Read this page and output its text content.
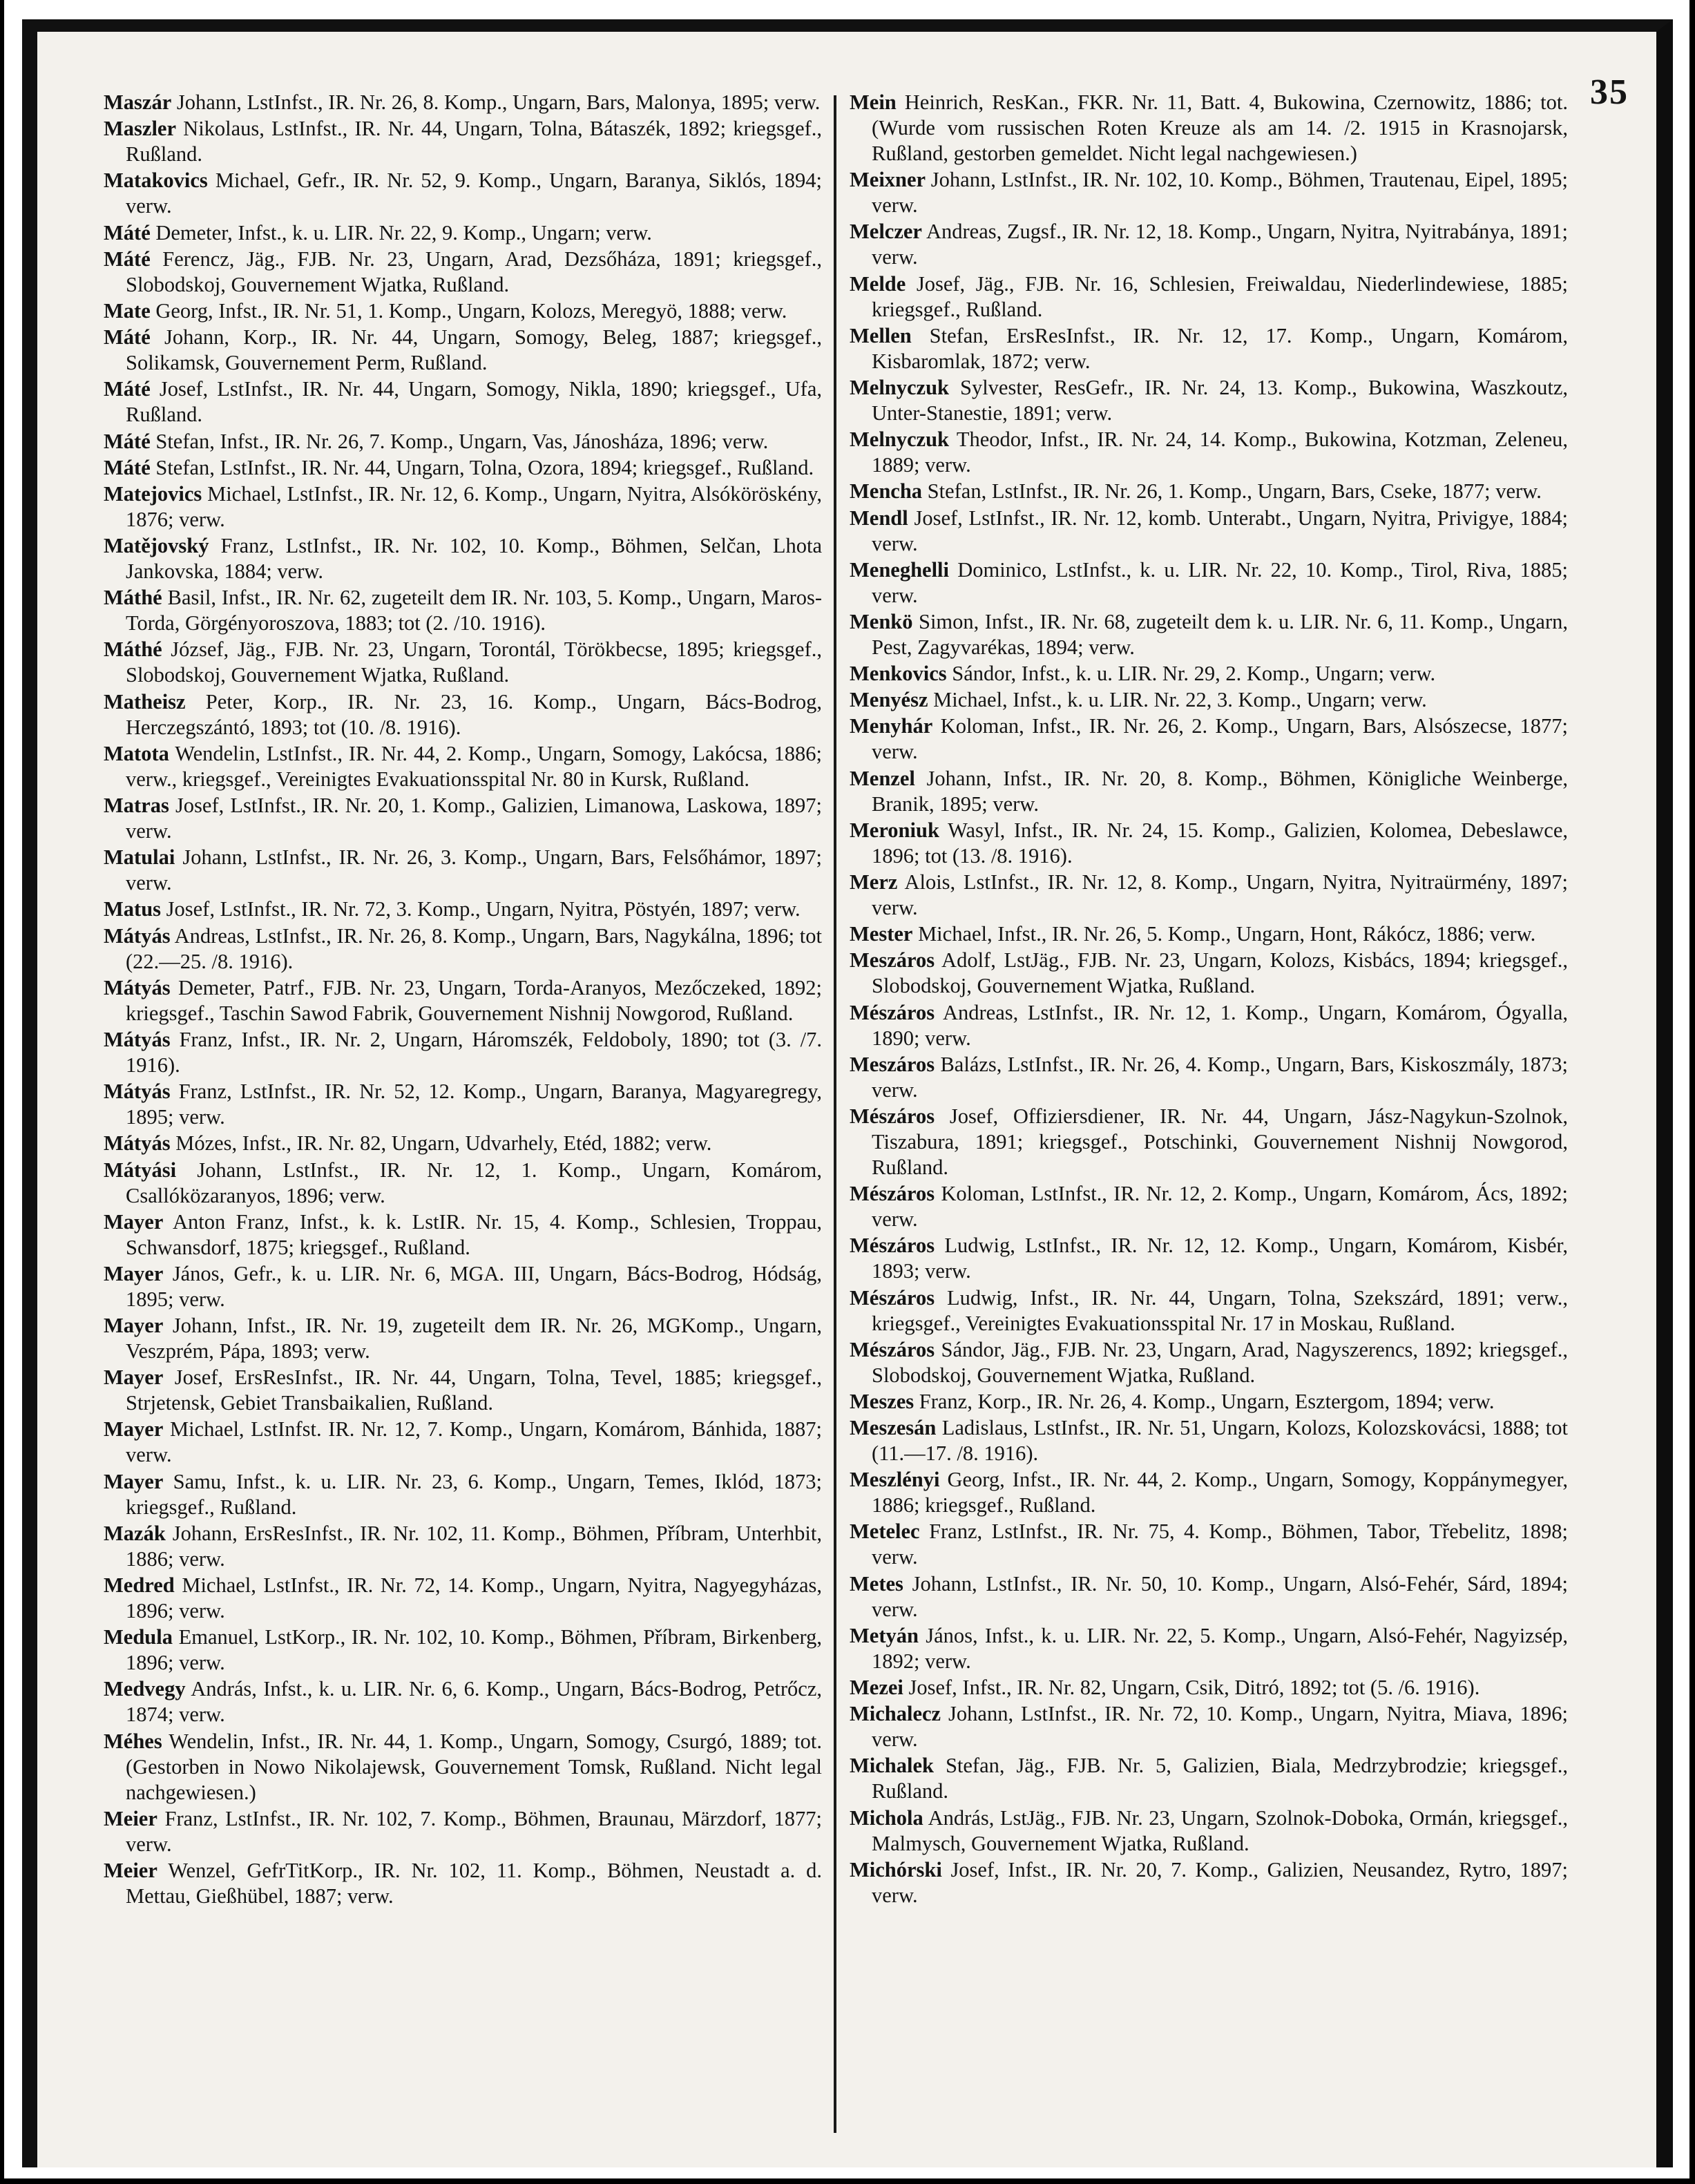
35

Maszár Johann, LstInfst., IR. Nr. 26, 8. Komp., Ungarn, Bars, Malonya, 1895; verw.

Maszler Nikolaus, LstInfst., IR. Nr. 44, Ungarn, Tolna, Bátaszék, 1892; kriegsgef., Rußland.

Matakovics Michael, Gefr., IR. Nr. 52, 9. Komp., Ungarn, Baranya, Siklós, 1894; verw.

Máté Demeter, Infst., k. u. LIR. Nr. 22, 9. Komp., Ungarn; verw.

Máté Ferencz, Jäg., FJB. Nr. 23, Ungarn, Arad, Dezsőháza, 1891; kriegsgef., Slobodskoj, Gouvernement Wjatka, Rußland.

Mate Georg, Infst., IR. Nr. 51, 1. Komp., Ungarn, Kolozs, Meregyö, 1888; verw.

Máté Johann, Korp., IR. Nr. 44, Ungarn, Somogy, Beleg, 1887; kriegsgef., Solikamsk, Gouvernement Perm, Rußland.

Máté Josef, LstInfst., IR. Nr. 44, Ungarn, Somogy, Nikla, 1890; kriegsgef., Ufa, Rußland.

Máté Stefan, Infst., IR. Nr. 26, 7. Komp., Ungarn, Vas, Jánosháza, 1896; verw.

Máté Stefan, LstInfst., IR. Nr. 44, Ungarn, Tolna, Ozora, 1894; kriegsgef., Rußland.

Matejovics Michael, LstInfst., IR. Nr. 12, 6. Komp., Ungarn, Nyitra, Alsóköröskény, 1876; verw.

Matějovský Franz, LstInfst., IR. Nr. 102, 10. Komp., Böhmen, Selčan, Lhota Jankovska, 1884; verw.

Máthé Basil, Infst., IR. Nr. 62, zugeteilt dem IR. Nr. 103, 5. Komp., Ungarn, Maros-Torda, Görgényoroszova, 1883; tot (2. /10. 1916).

Máthé József, Jäg., FJB. Nr. 23, Ungarn, Torontál, Törökbecse, 1895; kriegsgef., Slobodskoj, Gouvernement Wjatka, Rußland.

Matheisz Peter, Korp., IR. Nr. 23, 16. Komp., Ungarn, Bács-Bodrog, Herczegszántó, 1893; tot (10. /8. 1916).

Matota Wendelin, LstInfst., IR. Nr. 44, 2. Komp., Ungarn, Somogy, Lakócsa, 1886; verw., kriegsgef., Vereinigtes Evakuationsspital Nr. 80 in Kursk, Rußland.

Matras Josef, LstInfst., IR. Nr. 20, 1. Komp., Galizien, Limanowa, Laskowa, 1897; verw.

Matulai Johann, LstInfst., IR. Nr. 26, 3. Komp., Ungarn, Bars, Felsőhámor, 1897; verw.

Matus Josef, LstInfst., IR. Nr. 72, 3. Komp., Ungarn, Nyitra, Pöstyén, 1897; verw.

Mátyás Andreas, LstInfst., IR. Nr. 26, 8. Komp., Ungarn, Bars, Nagykálna, 1896; tot (22.—25. /8. 1916).

Mátyás Demeter, Patrf., FJB. Nr. 23, Ungarn, Torda-Aranyos, Mezőczeked, 1892; kriegsgef., Taschin Sawod Fabrik, Gouvernement Nishnij Nowgorod, Rußland.

Mátyás Franz, Infst., IR. Nr. 2, Ungarn, Háromszék, Feldoboly, 1890; tot (3. /7. 1916).

Mátyás Franz, LstInfst., IR. Nr. 52, 12. Komp., Ungarn, Baranya, Magyaregregy, 1895; verw.

Mátyás Mózes, Infst., IR. Nr. 82, Ungarn, Udvarhely, Etéd, 1882; verw.

Mátyási Johann, LstInfst., IR. Nr. 12, 1. Komp., Ungarn, Komárom, Csallóközaranyos, 1896; verw.

Mayer Anton Franz, Infst., k. k. LstIR. Nr. 15, 4. Komp., Schlesien, Troppau, Schwansdorf, 1875; kriegsgef., Rußland.

Mayer János, Gefr., k. u. LIR. Nr. 6, MGA. III, Ungarn, Bács-Bodrog, Hódság, 1895; verw.

Mayer Johann, Infst., IR. Nr. 19, zugeteilt dem IR. Nr. 26, MGKomp., Ungarn, Veszprém, Pápa, 1893; verw.

Mayer Josef, ErsResInfst., IR. Nr. 44, Ungarn, Tolna, Tevel, 1885; kriegsgef., Strjetensk, Gebiet Transbaikalien, Rußland.

Mayer Michael, LstInfst. IR. Nr. 12, 7. Komp., Ungarn, Komárom, Bánhida, 1887; verw.

Mayer Samu, Infst., k. u. LIR. Nr. 23, 6. Komp., Ungarn, Temes, Iklód, 1873; kriegsgef., Rußland.

Mazák Johann, ErsResInfst., IR. Nr. 102, 11. Komp., Böhmen, Příbram, Unterhbit, 1886; verw.

Medred Michael, LstInfst., IR. Nr. 72, 14. Komp., Ungarn, Nyitra, Nagyegyházas, 1896; verw.

Medula Emanuel, LstKorp., IR. Nr. 102, 10. Komp., Böhmen, Příbram, Birkenberg, 1896; verw.

Medvegy András, Infst., k. u. LIR. Nr. 6, 6. Komp., Ungarn, Bács-Bodrog, Petrőcz, 1874; verw.

Méhes Wendelin, Infst., IR. Nr. 44, 1. Komp., Ungarn, Somogy, Csurgó, 1889; tot. (Gestorben in Nowo Nikolajewsk, Gouvernement Tomsk, Rußland. Nicht legal nachgewiesen.)

Meier Franz, LstInfst., IR. Nr. 102, 7. Komp., Böhmen, Braunau, Märzdorf, 1877; verw.

Meier Wenzel, GefrTitKorp., IR. Nr. 102, 11. Komp., Böhmen, Neustadt a. d. Mettau, Gießhübel, 1887; verw.

Mein Heinrich, ResKan., FKR. Nr. 11, Batt. 4, Bukowina, Czernowitz, 1886; tot. (Wurde vom russischen Roten Kreuze als am 14. /2. 1915 in Krasnojarsk, Rußland, gestorben gemeldet. Nicht legal nachgewiesen.)

Meixner Johann, LstInfst., IR. Nr. 102, 10. Komp., Böhmen, Trautenau, Eipel, 1895; verw.

Melczer Andreas, Zugsf., IR. Nr. 12, 18. Komp., Ungarn, Nyitra, Nyitrabánya, 1891; verw.

Melde Josef, Jäg., FJB. Nr. 16, Schlesien, Freiwaldau, Niederlindewiese, 1885; kriegsgef., Rußland.

Mellen Stefan, ErsResInfst., IR. Nr. 12, 17. Komp., Ungarn, Komárom, Kisbaromlak, 1872; verw.

Melnyczuk Sylvester, ResGefr., IR. Nr. 24, 13. Komp., Bukowina, Waszkoutz, Unter-Stanestie, 1891; verw.

Melnyczuk Theodor, Infst., IR. Nr. 24, 14. Komp., Bukowina, Kotzman, Zeleneu, 1889; verw.

Mencha Stefan, LstInfst., IR. Nr. 26, 1. Komp., Ungarn, Bars, Cseke, 1877; verw.

Mendl Josef, LstInfst., IR. Nr. 12, komb. Unterabt., Ungarn, Nyitra, Privigye, 1884; verw.

Meneghelli Dominico, LstInfst., k. u. LIR. Nr. 22, 10. Komp., Tirol, Riva, 1885; verw.

Menkö Simon, Infst., IR. Nr. 68, zugeteilt dem k. u. LIR. Nr. 6, 11. Komp., Ungarn, Pest, Zagyvarékas, 1894; verw.

Menkovics Sándor, Infst., k. u. LIR. Nr. 29, 2. Komp., Ungarn; verw.

Menyész Michael, Infst., k. u. LIR. Nr. 22, 3. Komp., Ungarn; verw.

Menyhár Koloman, Infst., IR. Nr. 26, 2. Komp., Ungarn, Bars, Alsószecse, 1877; verw.

Menzel Johann, Infst., IR. Nr. 20, 8. Komp., Böhmen, Königliche Weinberge, Branik, 1895; verw.

Meroniuk Wasyl, Infst., IR. Nr. 24, 15. Komp., Galizien, Kolomea, Debeslawce, 1896; tot (13. /8. 1916).

Merz Alois, LstInfst., IR. Nr. 12, 8. Komp., Ungarn, Nyitra, Nyitraürmény, 1897; verw.

Mester Michael, Infst., IR. Nr. 26, 5. Komp., Ungarn, Hont, Rákócz, 1886; verw.

Meszáros Adolf, LstJäg., FJB. Nr. 23, Ungarn, Kolozs, Kisbács, 1894; kriegsgef., Slobodskoj, Gouvernement Wjatka, Rußland.

Mészáros Andreas, LstInfst., IR. Nr. 12, 1. Komp., Ungarn, Komárom, Ógyalla, 1890; verw.

Meszáros Balázs, LstInfst., IR. Nr. 26, 4. Komp., Ungarn, Bars, Kiskoszmály, 1873; verw.

Mészáros Josef, Offiziersdiener, IR. Nr. 44, Ungarn, Jász-Nagykun-Szolnok, Tiszabura, 1891; kriegsgef., Potschinki, Gouvernement Nishnij Nowgorod, Rußland.

Mészáros Koloman, LstInfst., IR. Nr. 12, 2. Komp., Ungarn, Komárom, Ács, 1892; verw.

Mészáros Ludwig, LstInfst., IR. Nr. 12, 12. Komp., Ungarn, Komárom, Kisbér, 1893; verw.

Mészáros Ludwig, Infst., IR. Nr. 44, Ungarn, Tolna, Szekszárd, 1891; verw., kriegsgef., Vereinigtes Evakuationsspital Nr. 17 in Moskau, Rußland.

Mészáros Sándor, Jäg., FJB. Nr. 23, Ungarn, Arad, Nagyszerencs, 1892; kriegsgef., Slobodskoj, Gouvernement Wjatka, Rußland.

Meszes Franz, Korp., IR. Nr. 26, 4. Komp., Ungarn, Esztergom, 1894; verw.

Meszesán Ladislaus, LstInfst., IR. Nr. 51, Ungarn, Kolozs, Kolozskovácsi, 1888; tot (11.—17. /8. 1916).

Meszlényi Georg, Infst., IR. Nr. 44, 2. Komp., Ungarn, Somogy, Koppánymegyer, 1886; kriegsgef., Rußland.

Metelec Franz, LstInfst., IR. Nr. 75, 4. Komp., Böhmen, Tabor, Třebelitz, 1898; verw.

Metes Johann, LstInfst., IR. Nr. 50, 10. Komp., Ungarn, Alsó-Fehér, Sárd, 1894; verw.

Metyán János, Infst., k. u. LIR. Nr. 22, 5. Komp., Ungarn, Alsó-Fehér, Nagyizsép, 1892; verw.

Mezei Josef, Infst., IR. Nr. 82, Ungarn, Csik, Ditró, 1892; tot (5. /6. 1916).

Michalecz Johann, LstInfst., IR. Nr. 72, 10. Komp., Ungarn, Nyitra, Miava, 1896; verw.

Michalek Stefan, Jäg., FJB. Nr. 5, Galizien, Biala, Medrzybrodzie; kriegsgef., Rußland.

Michola András, LstJäg., FJB. Nr. 23, Ungarn, Szolnok-Doboka, Ormán, kriegsgef., Malmysch, Gouvernement Wjatka, Rußland.

Michórski Josef, Infst., IR. Nr. 20, 7. Komp., Galizien, Neusandez, Rytro, 1897; verw.
